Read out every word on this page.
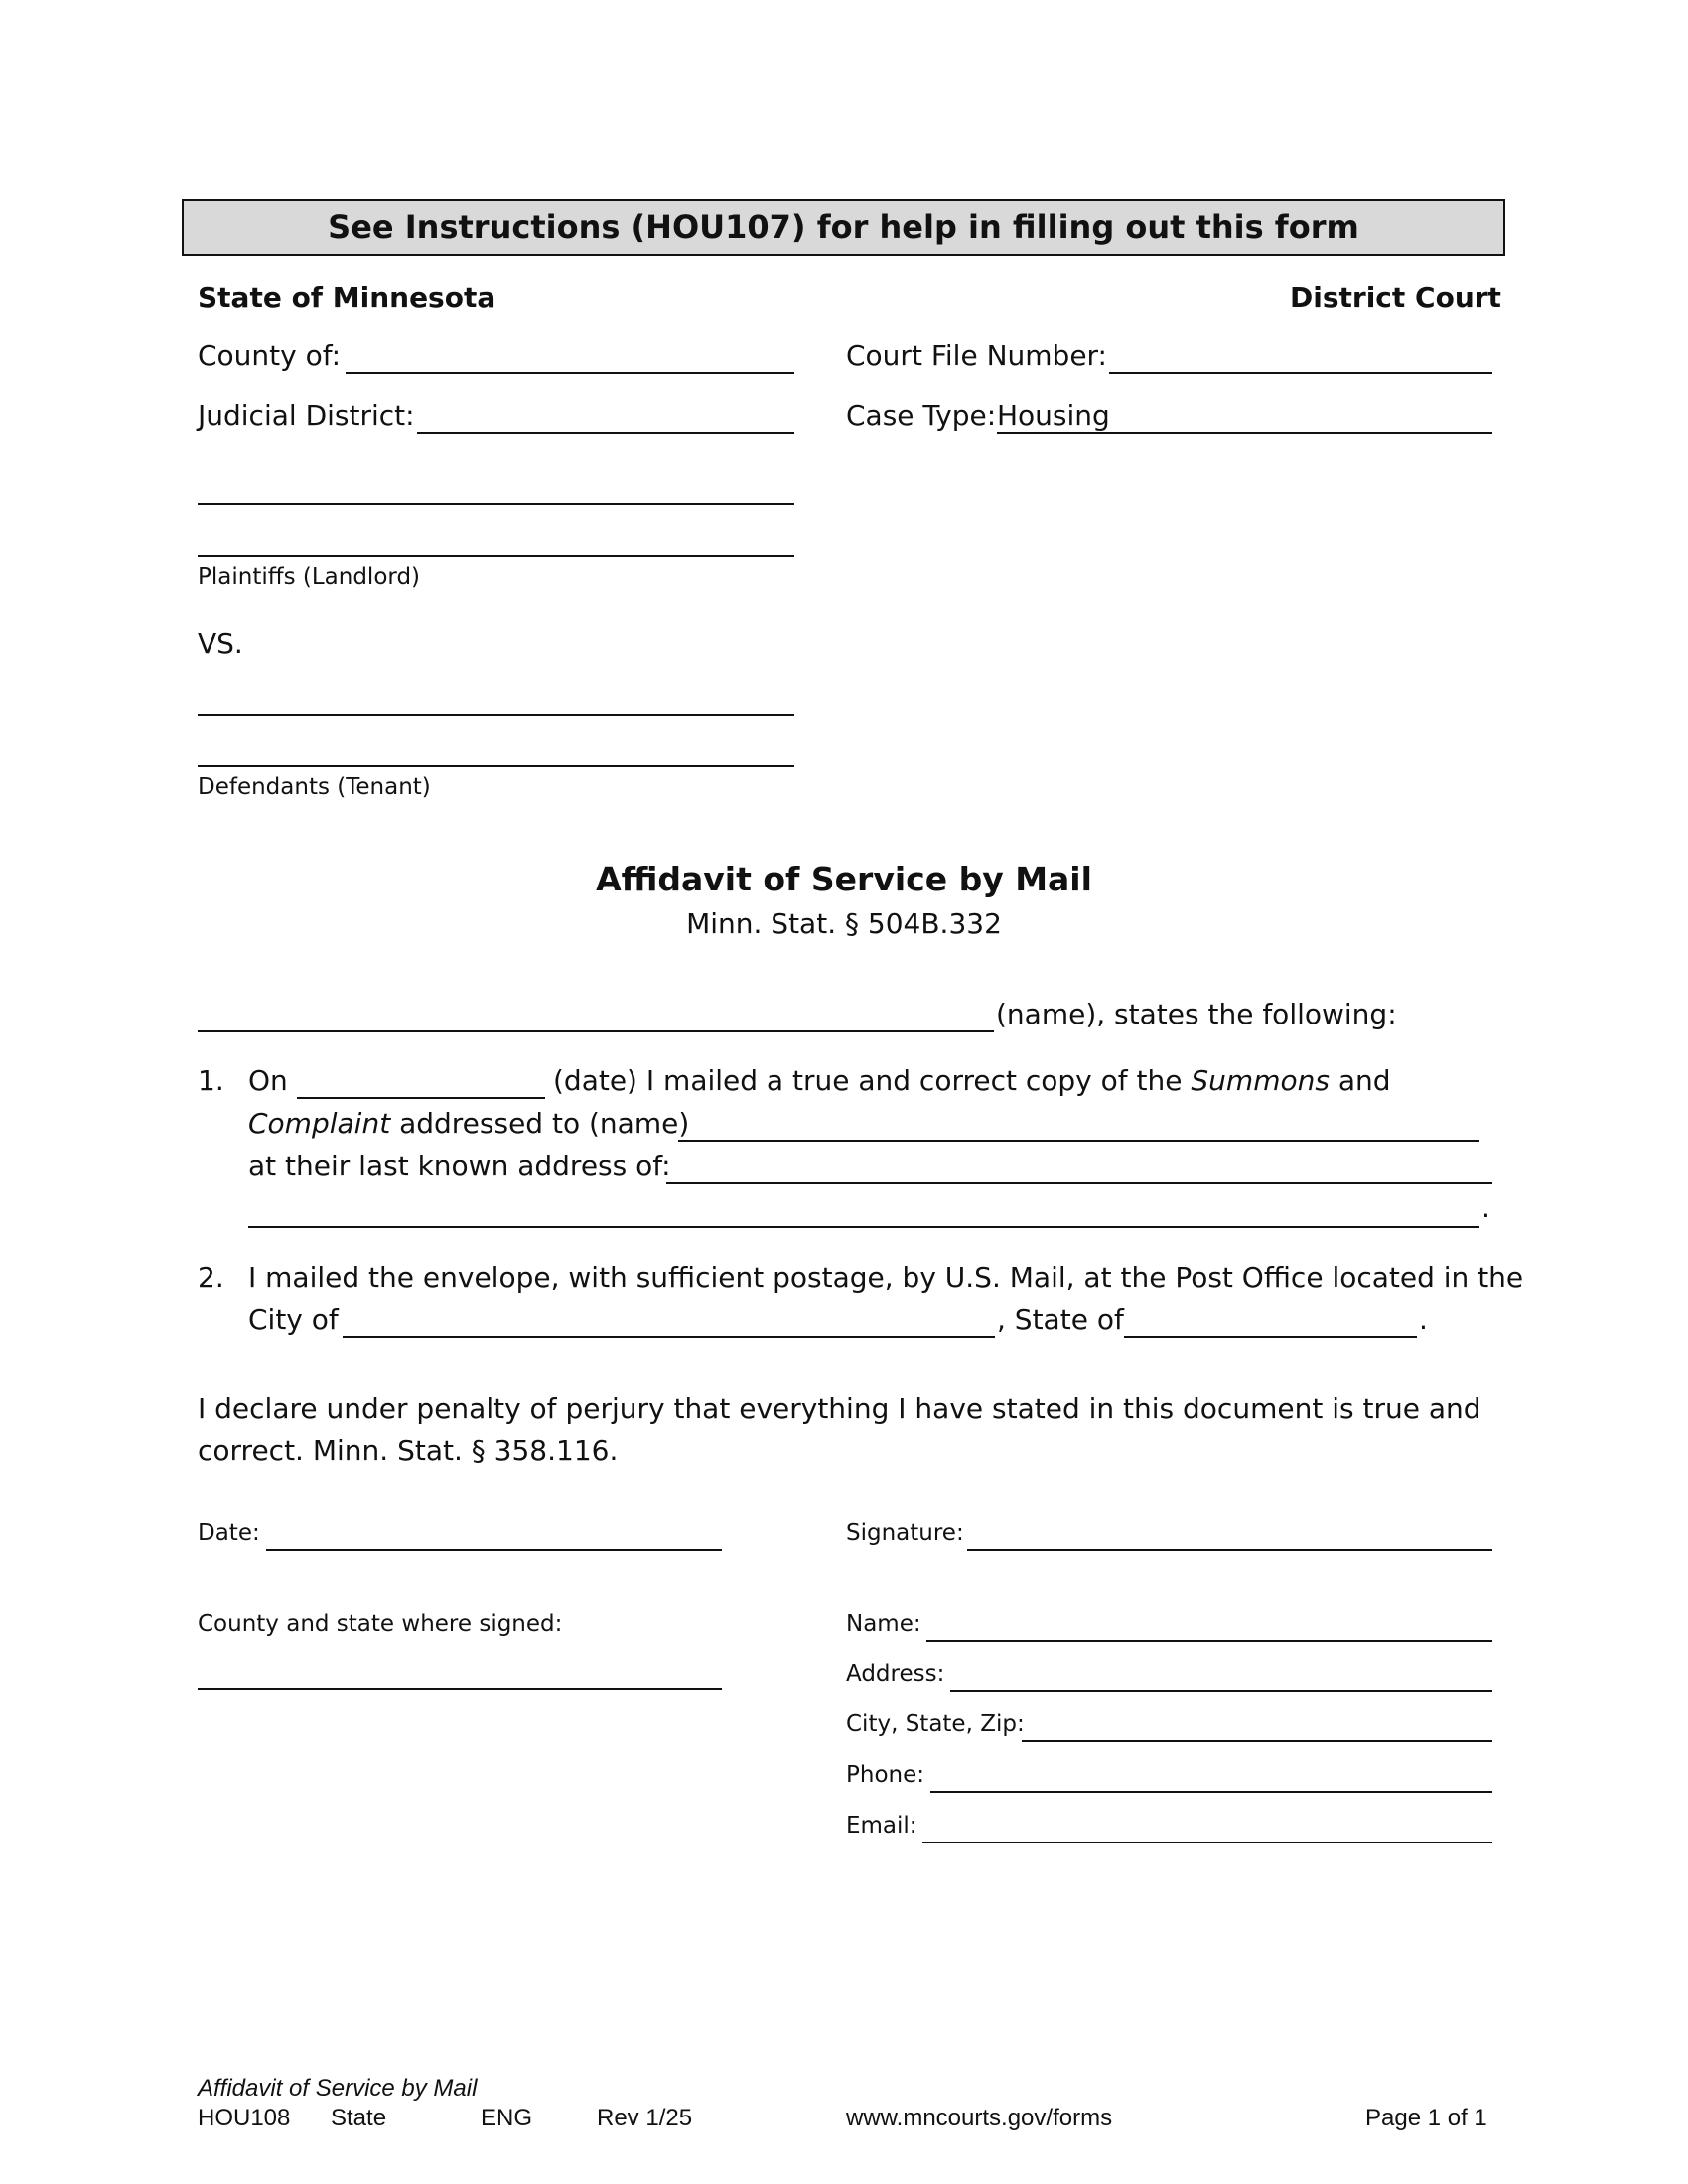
See Instructions (HOU107) for help in filling out this form
State of Minnesota	District Court
County of:	Court File Number:
Judicial District:	Case Type: Housing
Plaintiffs (Landlord)
VS.
Defendants (Tenant)
Affidavit of Service by Mail
Minn. Stat. § 504B.332
(name), states the following:
1. On	(date) I mailed a true and correct copy of the Summons and
Complaint addressed to (name)
at their last known address of:
.
2. I mailed the envelope, with sufficient postage, by U.S. Mail, at the Post Office located in the
City of	, State of	.
I declare under penalty of perjury that everything I have stated in this document is true and
correct. Minn. Stat. § 358.116.
Date:	Signature:
County and state where signed:	Name:
Address:
City, State, Zip:
Phone:
Email:
Affidavit of Service by Mail
HOU108 State	ENG	Rev 1/25	www.mncourts.gov/forms	Page 1 of 1
